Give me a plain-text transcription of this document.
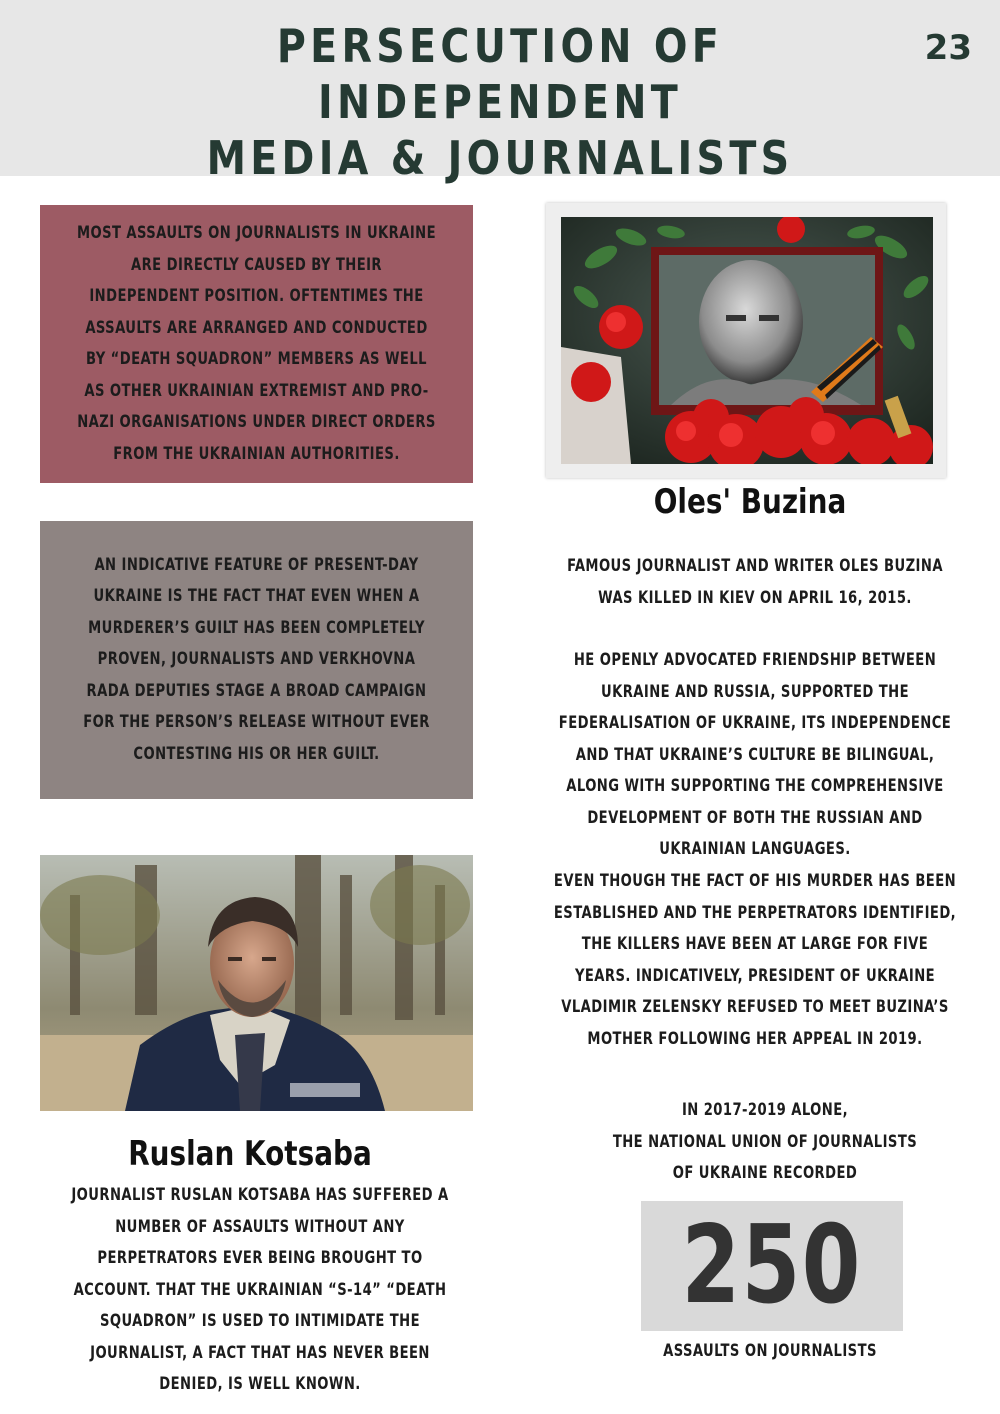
PERSECUTION OF INDEPENDENT
MEDIA & JOURNALISTS
23

MOST ASSAULTS ON JOURNALISTS IN UKRAINE ARE DIRECTLY CAUSED BY THEIR INDEPENDENT POSITION. OFTENTIMES THE ASSAULTS ARE ARRANGED AND CONDUCTED BY “DEATH SQUADRON” MEMBERS AS WELL AS OTHER UKRAINIAN EXTREMIST AND PRO-NAZI ORGANISATIONS UNDER DIRECT ORDERS FROM THE UKRAINIAN AUTHORITIES.

AN INDICATIVE FEATURE OF PRESENT-DAY UKRAINE IS THE FACT THAT EVEN WHEN A MURDERER’S GUILT HAS BEEN COMPLETELY PROVEN, JOURNALISTS AND VERKHOVNA RADA DEPUTIES STAGE A BROAD CAMPAIGN FOR THE PERSON’S RELEASE WITHOUT EVER CONTESTING HIS OR HER GUILT.

Oles' Buzina
FAMOUS JOURNALIST AND WRITER OLES BUZINA WAS KILLED IN KIEV ON APRIL 16, 2015.
HE OPENLY ADVOCATED FRIENDSHIP BETWEEN UKRAINE AND RUSSIA, SUPPORTED THE FEDERALISATION OF UKRAINE, ITS INDEPENDENCE AND THAT UKRAINE’S CULTURE BE BILINGUAL, ALONG WITH SUPPORTING THE COMPREHENSIVE DEVELOPMENT OF BOTH THE RUSSIAN AND UKRAINIAN LANGUAGES.
EVEN THOUGH THE FACT OF HIS MURDER HAS BEEN ESTABLISHED AND THE PERPETRATORS IDENTIFIED, THE KILLERS HAVE BEEN AT LARGE FOR FIVE YEARS. INDICATIVELY, PRESIDENT OF UKRAINE VLADIMIR ZELENSKY REFUSED TO MEET BUZINA’S MOTHER FOLLOWING HER APPEAL IN 2019.
Ruslan Kotsaba
JOURNALIST RUSLAN KOTSABA HAS SUFFERED A NUMBER OF ASSAULTS WITHOUT ANY PERPETRATORS EVER BEING BROUGHT TO ACCOUNT. THAT THE UKRAINIAN “S-14” “DEATH SQUADRON” IS USED TO INTIMIDATE THE JOURNALIST, A FACT THAT HAS NEVER BEEN DENIED, IS WELL KNOWN.
IN 2017-2019 ALONE,
THE NATIONAL UNION OF JOURNALISTS
OF UKRAINE RECORDED
250
ASSAULTS ON JOURNALISTS
